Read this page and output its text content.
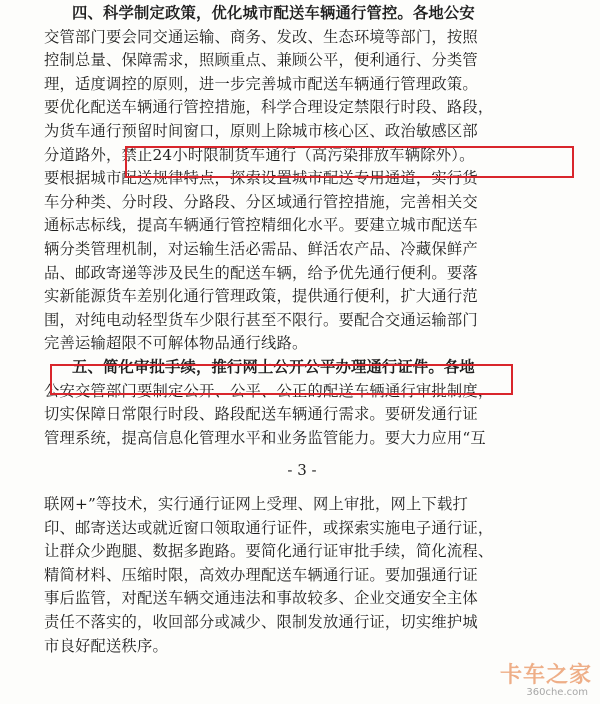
四、科学制定政策，优化城市配送车辆通行管控。各地公安
交管部门要会同交通运输、商务、发改、生态环境等部门，按照
控制总量、保障需求，照顾重点、兼顾公平，便利通行、分类管
理，适度调控的原则，进一步完善城市配送车辆通行管理政策。
要优化配送车辆通行管控措施，科学合理设定禁限行时段、路段，
为货车通行预留时间窗口，原则上除城市核心区、政治敏感区部
分道路外，禁止24小时限制货车通行（高污染排放车辆除外）。
要根据城市配送规律特点，探索设置城市配送专用通道，实行货
车分种类、分时段、分路段、分区域通行管控措施，完善相关交
通标志标线，提高车辆通行管控精细化水平。要建立城市配送车
辆分类管理机制，对运输生活必需品、鲜活农产品、冷藏保鲜产
品、邮政寄递等涉及民生的配送车辆，给予优先通行便利。要落
实新能源货车差别化通行管理政策，提供通行便利，扩大通行范
围，对纯电动轻型货车少限行甚至不限行。要配合交通运输部门
完善运输超限不可解体物品通行线路。
五、简化审批手续，推行网上公开公平办理通行证件。各地
公安交管部门要制定公开、公平、公正的配送车辆通行审批制度，
切实保障日常限行时段、路段配送车辆通行需求。要研发通行证
管理系统，提高信息化管理水平和业务监管能力。要大力应用“互
- 3 -
联网+”等技术，实行通行证网上受理、网上审批，网上下载打
印、邮寄送达或就近窗口领取通行证件，或探索实施电子通行证，
让群众少跑腿、数据多跑路。要简化通行证审批手续，简化流程、
精简材料、压缩时限，高效办理配送车辆通行证。要加强通行证
事后监管，对配送车辆交通违法和事故较多、企业交通安全主体
责任不落实的，收回部分或减少、限制发放通行证，切实维护城
市良好配送秩序。
卡车之家
360che.com
